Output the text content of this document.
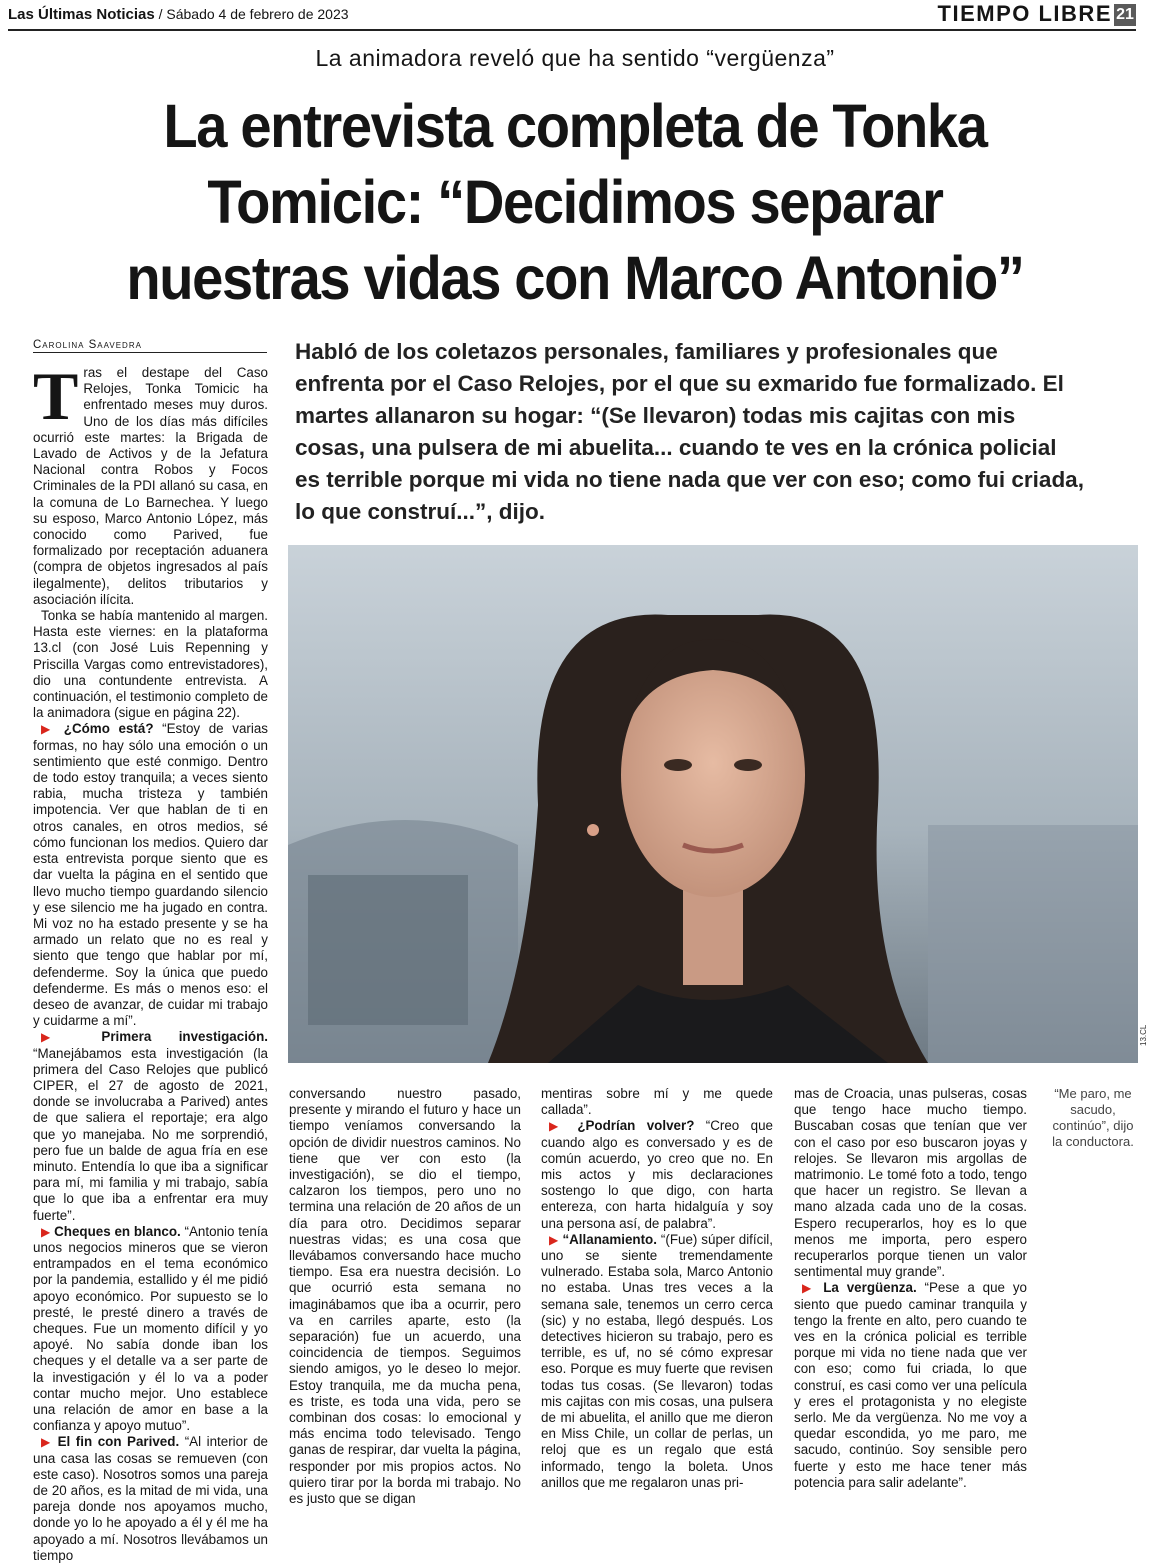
Las Últimas Noticias / Sábado 4 de febrero de 2023	TIEMPO LIBRE 21
La animadora reveló que ha sentido “vergüenza”
La entrevista completa de Tonka
Tomicic: “Decidimos separar
nuestras vidas con Marco Antonio”
Carolina Saavedra	Habló de los coletazos personales, familiares y profesionales que enfrenta por el Caso Relojes, por el que su exmarido fue formalizado. El martes allanaron su hogar: “(Se llevaron) todas mis cajitas con mis cosas, una pulsera de mi abuelita... cuando te ves en la crónica policial es terrible porque mi vida no tiene nada que ver con eso; como fui criada, lo que construí...”, dijo.
13.CL

Tras el destape del Caso Relojes, Tonka Tomicic ha enfrentado meses muy duros. Uno de los días más difíciles ocurrió este martes: la Brigada de Lavado de Activos y de la Jefatura Nacional contra Robos y Focos Criminales de la PDI allanó su casa, en la comuna de Lo Barnechea. Y luego su esposo, Marco Antonio López, más conocido como Parived, fue formalizado por receptación aduanera (compra de objetos ingresados al país ilegalmente), delitos tributarios y asociación ilícita.

Tonka se había mantenido al margen. Hasta este viernes: en la plataforma 13.cl (con José Luis Repenning y Priscilla Vargas como entrevistadores), dio una contundente entrevista. A continuación, el testimonio completo de la animadora (sigue en página 22).

▶ ¿Cómo está? “Estoy de varias formas, no hay sólo una emoción o un sentimiento que esté conmigo. Dentro de todo estoy tranquila; a veces siento rabia, mucha tristeza y también impotencia. Ver que hablan de ti en otros canales, en otros medios, sé cómo funcionan los medios. Quiero dar esta entrevista porque siento que es dar vuelta la página en el sentido que llevo mucho tiempo guardando silencio y ese silencio me ha jugado en contra. Mi voz no ha estado presente y se ha armado un relato que no es real y siento que tengo que hablar por mí, defenderme. Soy la única que puedo defenderme. Es más o menos eso: el deseo de avanzar, de cuidar mi trabajo y cuidarme a mí”.

▶ Primera investigación. “Manejábamos esta investigación (la primera del Caso Relojes que publicó CIPER, el 27 de agosto de 2021, donde se involucraba a Parived) antes de que saliera el reportaje; era algo que yo manejaba. No me sorprendió, pero fue un balde de agua fría en ese minuto. Entendía lo que iba a significar para mí, mi familia y mi trabajo, sabía que lo que iba a enfrentar era muy fuerte”.

▶ Cheques en blanco. “Antonio tenía unos negocios mineros que se vieron entrampados en el tema económico por la pandemia, estallido y él me pidió apoyo económico. Por supuesto se lo presté, le presté dinero a través de cheques. Fue un momento difícil y yo apoyé. No sabía donde iban los cheques y el detalle va a ser parte de la investigación y él lo va a poder contar mucho mejor. Uno establece una relación de amor en base a la confianza y apoyo mutuo”.

▶ El fin con Parived. “Al interior de una casa las cosas se remueven (con este caso). Nosotros somos una pareja de 20 años, es la mitad de mi vida, una pareja donde nos apoyamos mucho, donde yo lo he apoyado a él y él me ha apoyado a mí. Nosotros llevábamos un tiempo

conversando nuestro pasado, presente y mirando el futuro y hace un tiempo veníamos conversando la opción de dividir nuestros caminos. No tiene que ver con esto (la investigación), se dio el tiempo, calzaron los tiempos, pero uno no termina una relación de 20 años de un día para otro. Decidimos separar nuestras vidas; es una cosa que llevábamos conversando hace mucho tiempo. Esa era nuestra decisión. Lo que ocurrió esta semana no imaginábamos que iba a ocurrir, pero va en carriles aparte, esto (la separación) fue un acuerdo, una coincidencia de tiempos. Seguimos siendo amigos, yo le deseo lo mejor. Estoy tranquila, me da mucha pena, es triste, es toda una vida, pero se combinan dos cosas: lo emocional y más encima todo televisado. Tengo ganas de respirar, dar vuelta la página, responder por mis propios actos. No quiero tirar por la borda mi trabajo. No es justo que se digan

mentiras sobre mí y me quede callada”.

▶ ¿Podrían volver? “Creo que cuando algo es conversado y es de común acuerdo, yo creo que no. En mis actos y mis declaraciones sostengo lo que digo, con harta entereza, con harta hidalguía y soy una persona así, de palabra”.

▶ “Allanamiento. “(Fue) súper difícil, uno se siente tremendamente vulnerado. Estaba sola, Marco Antonio no estaba. Unas tres veces a la semana sale, tenemos un cerro cerca (sic) y no estaba, llegó después. Los detectives hicieron su trabajo, pero es terrible, es uf, no sé cómo expresar eso. Porque es muy fuerte que revisen todas tus cosas. (Se llevaron) todas mis cajitas con mis cosas, una pulsera de mi abuelita, el anillo que me dieron en Miss Chile, un collar de perlas, un reloj que es un regalo que está informado, tengo la boleta. Unos anillos que me regalaron unas pri-

mas de Croacia, unas pulseras, cosas que tengo hace mucho tiempo. Buscaban cosas que tenían que ver con el caso por eso buscaron joyas y relojes. Se llevaron mis argollas de matrimonio. Le tomé foto a todo, tengo que hacer un registro. Se llevan a mano alzada cada uno de la cosas. Espero recuperarlos, hoy es lo que menos me importa, pero espero recuperarlos porque tienen un valor sentimental muy grande”.

▶ La vergüenza. “Pese a que yo siento que puedo caminar tranquila y tengo la frente en alto, pero cuando te ves en la crónica policial es terrible porque mi vida no tiene nada que ver con eso; como fui criada, lo que construí, es casi como ver una película y eres el protagonista y no elegiste serlo. Me da vergüenza. No me voy a quedar escondida, yo me paro, me sacudo, continúo. Soy sensible pero fuerte y esto me hace tener más potencia para salir adelante”.

“Me paro, me sacudo, continúo”, dijo la conductora.
